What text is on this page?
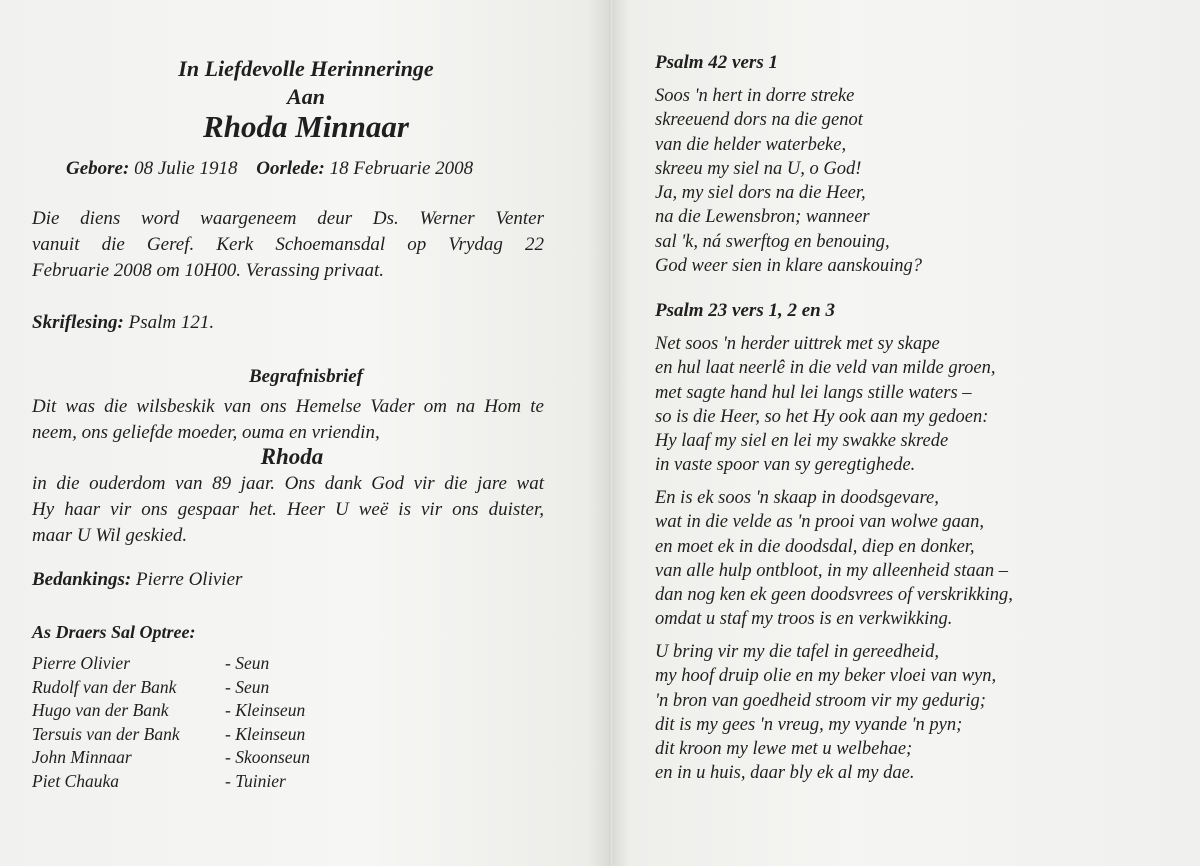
In Liefdevolle Herinneringe
Aan
Rhoda Minnaar
Gebore: 08 Julie 1918 Oorlede: 18 Februarie 2008
Die diens word waargeneem deur Ds. Werner Venter
vanuit die Geref. Kerk Schoemansdal op Vrydag 22
Februarie 2008 om 10H00. Verassing privaat.
Skriflesing: Psalm 121.
Begrafnisbrief
Dit was die wilsbeskik van ons Hemelse Vader om na Hom te
neem, ons geliefde moeder, ouma en vriendin,
Rhoda
in die ouderdom van 89 jaar. Ons dank God vir die jare wat
Hy haar vir ons gespaar het. Heer U weë is vir ons duister,
maar U Wil geskied.
Bedankings: Pierre Olivier
As Draers Sal Optree:
Pierre Olivier	- Seun
Rudolf van der Bank	- Seun
Hugo van der Bank	- Kleinseun
Tersuis van der Bank	- Kleinseun
John Minnaar	- Skoonseun
Piet Chauka	- Tuinier
Psalm 42 vers 1
Soos 'n hert in dorre streke
skreeuend dors na die genot
van die helder waterbeke,
skreeu my siel na U, o God!
Ja, my siel dors na die Heer,
na die Lewensbron; wanneer
sal 'k, ná swerftog en benouing,
God weer sien in klare aanskouing?
Psalm 23 vers 1, 2 en 3
Net soos 'n herder uittrek met sy skape
en hul laat neerlê in die veld van milde groen,
met sagte hand hul lei langs stille waters –
so is die Heer, so het Hy ook aan my gedoen:
Hy laaf my siel en lei my swakke skrede
in vaste spoor van sy geregtighede.
En is ek soos 'n skaap in doodsgevare,
wat in die velde as 'n prooi van wolwe gaan,
en moet ek in die doodsdal, diep en donker,
van alle hulp ontbloot, in my alleenheid staan –
dan nog ken ek geen doodsvrees of verskrikking,
omdat u staf my troos is en verkwikking.
U bring vir my die tafel in gereedheid,
my hoof druip olie en my beker vloei van wyn,
'n bron van goedheid stroom vir my gedurig;
dit is my gees 'n vreug, my vyande 'n pyn;
dit kroon my lewe met u welbehae;
en in u huis, daar bly ek al my dae.
